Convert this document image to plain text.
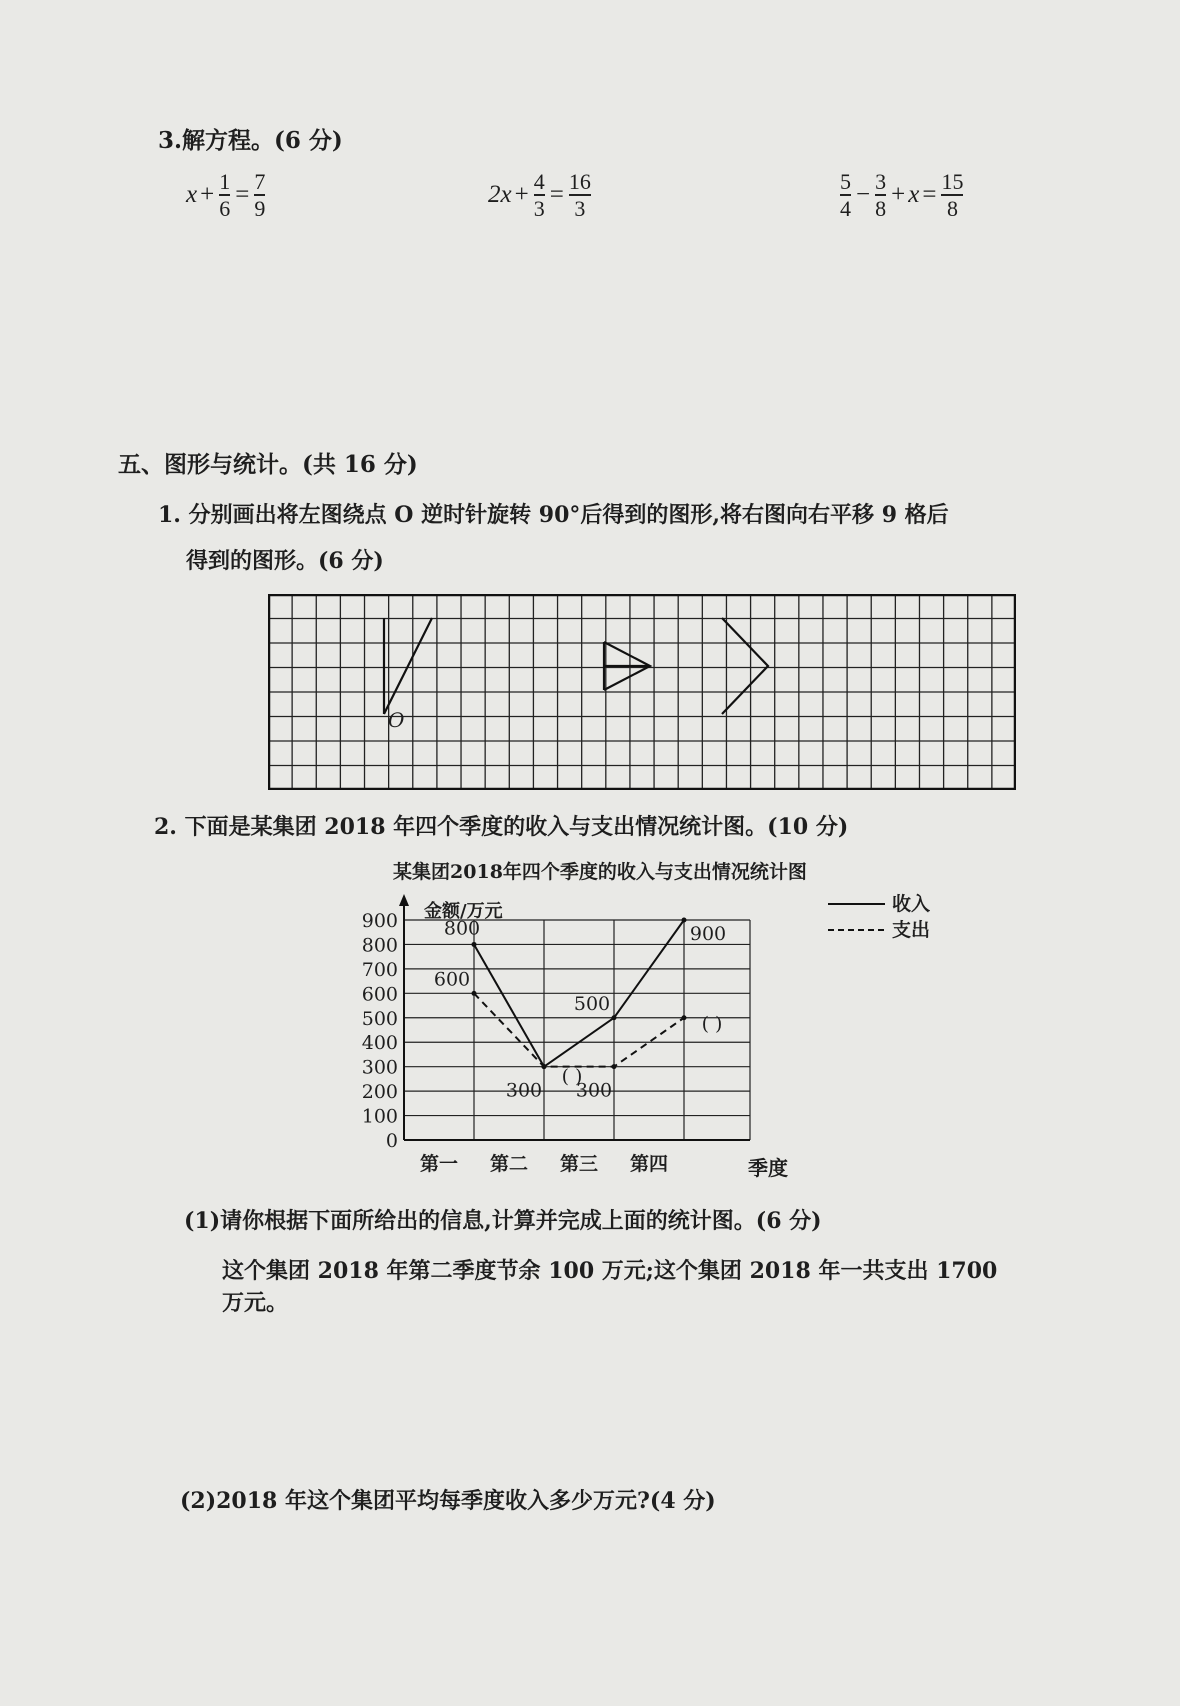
3.解方程。(6 分)
$x + \frac{1}{6} = \frac{7}{9}$	$2x + \frac{4}{3} = \frac{16}{3}$	$\frac{5}{4} - \frac{3}{8} + x = \frac{15}{8}$
五、图形与统计。(共 16 分)
1. 分别画出将左图绕点 O 逆时针旋转 90°后得到的图形,将右图向右平移 9 格后
得到的图形。(6 分)
O
2. 下面是某集团 2018 年四个季度的收入与支出情况统计图。(10 分)
某集团2018年四个季度的收入与支出情况统计图
0
100
200
300
400
500
600
700
800
900
第一 第二 第三 第四
800
( )
500
900
600
300 300
( )
金额/万元
季度
收入
支出
(1)请你根据下面所给出的信息,计算并完成上面的统计图。(6 分)
这个集团 2018 年第二季度节余 100 万元;这个集团 2018 年一共支出 1700
万元。
(2)2018 年这个集团平均每季度收入多少万元?(4 分)
